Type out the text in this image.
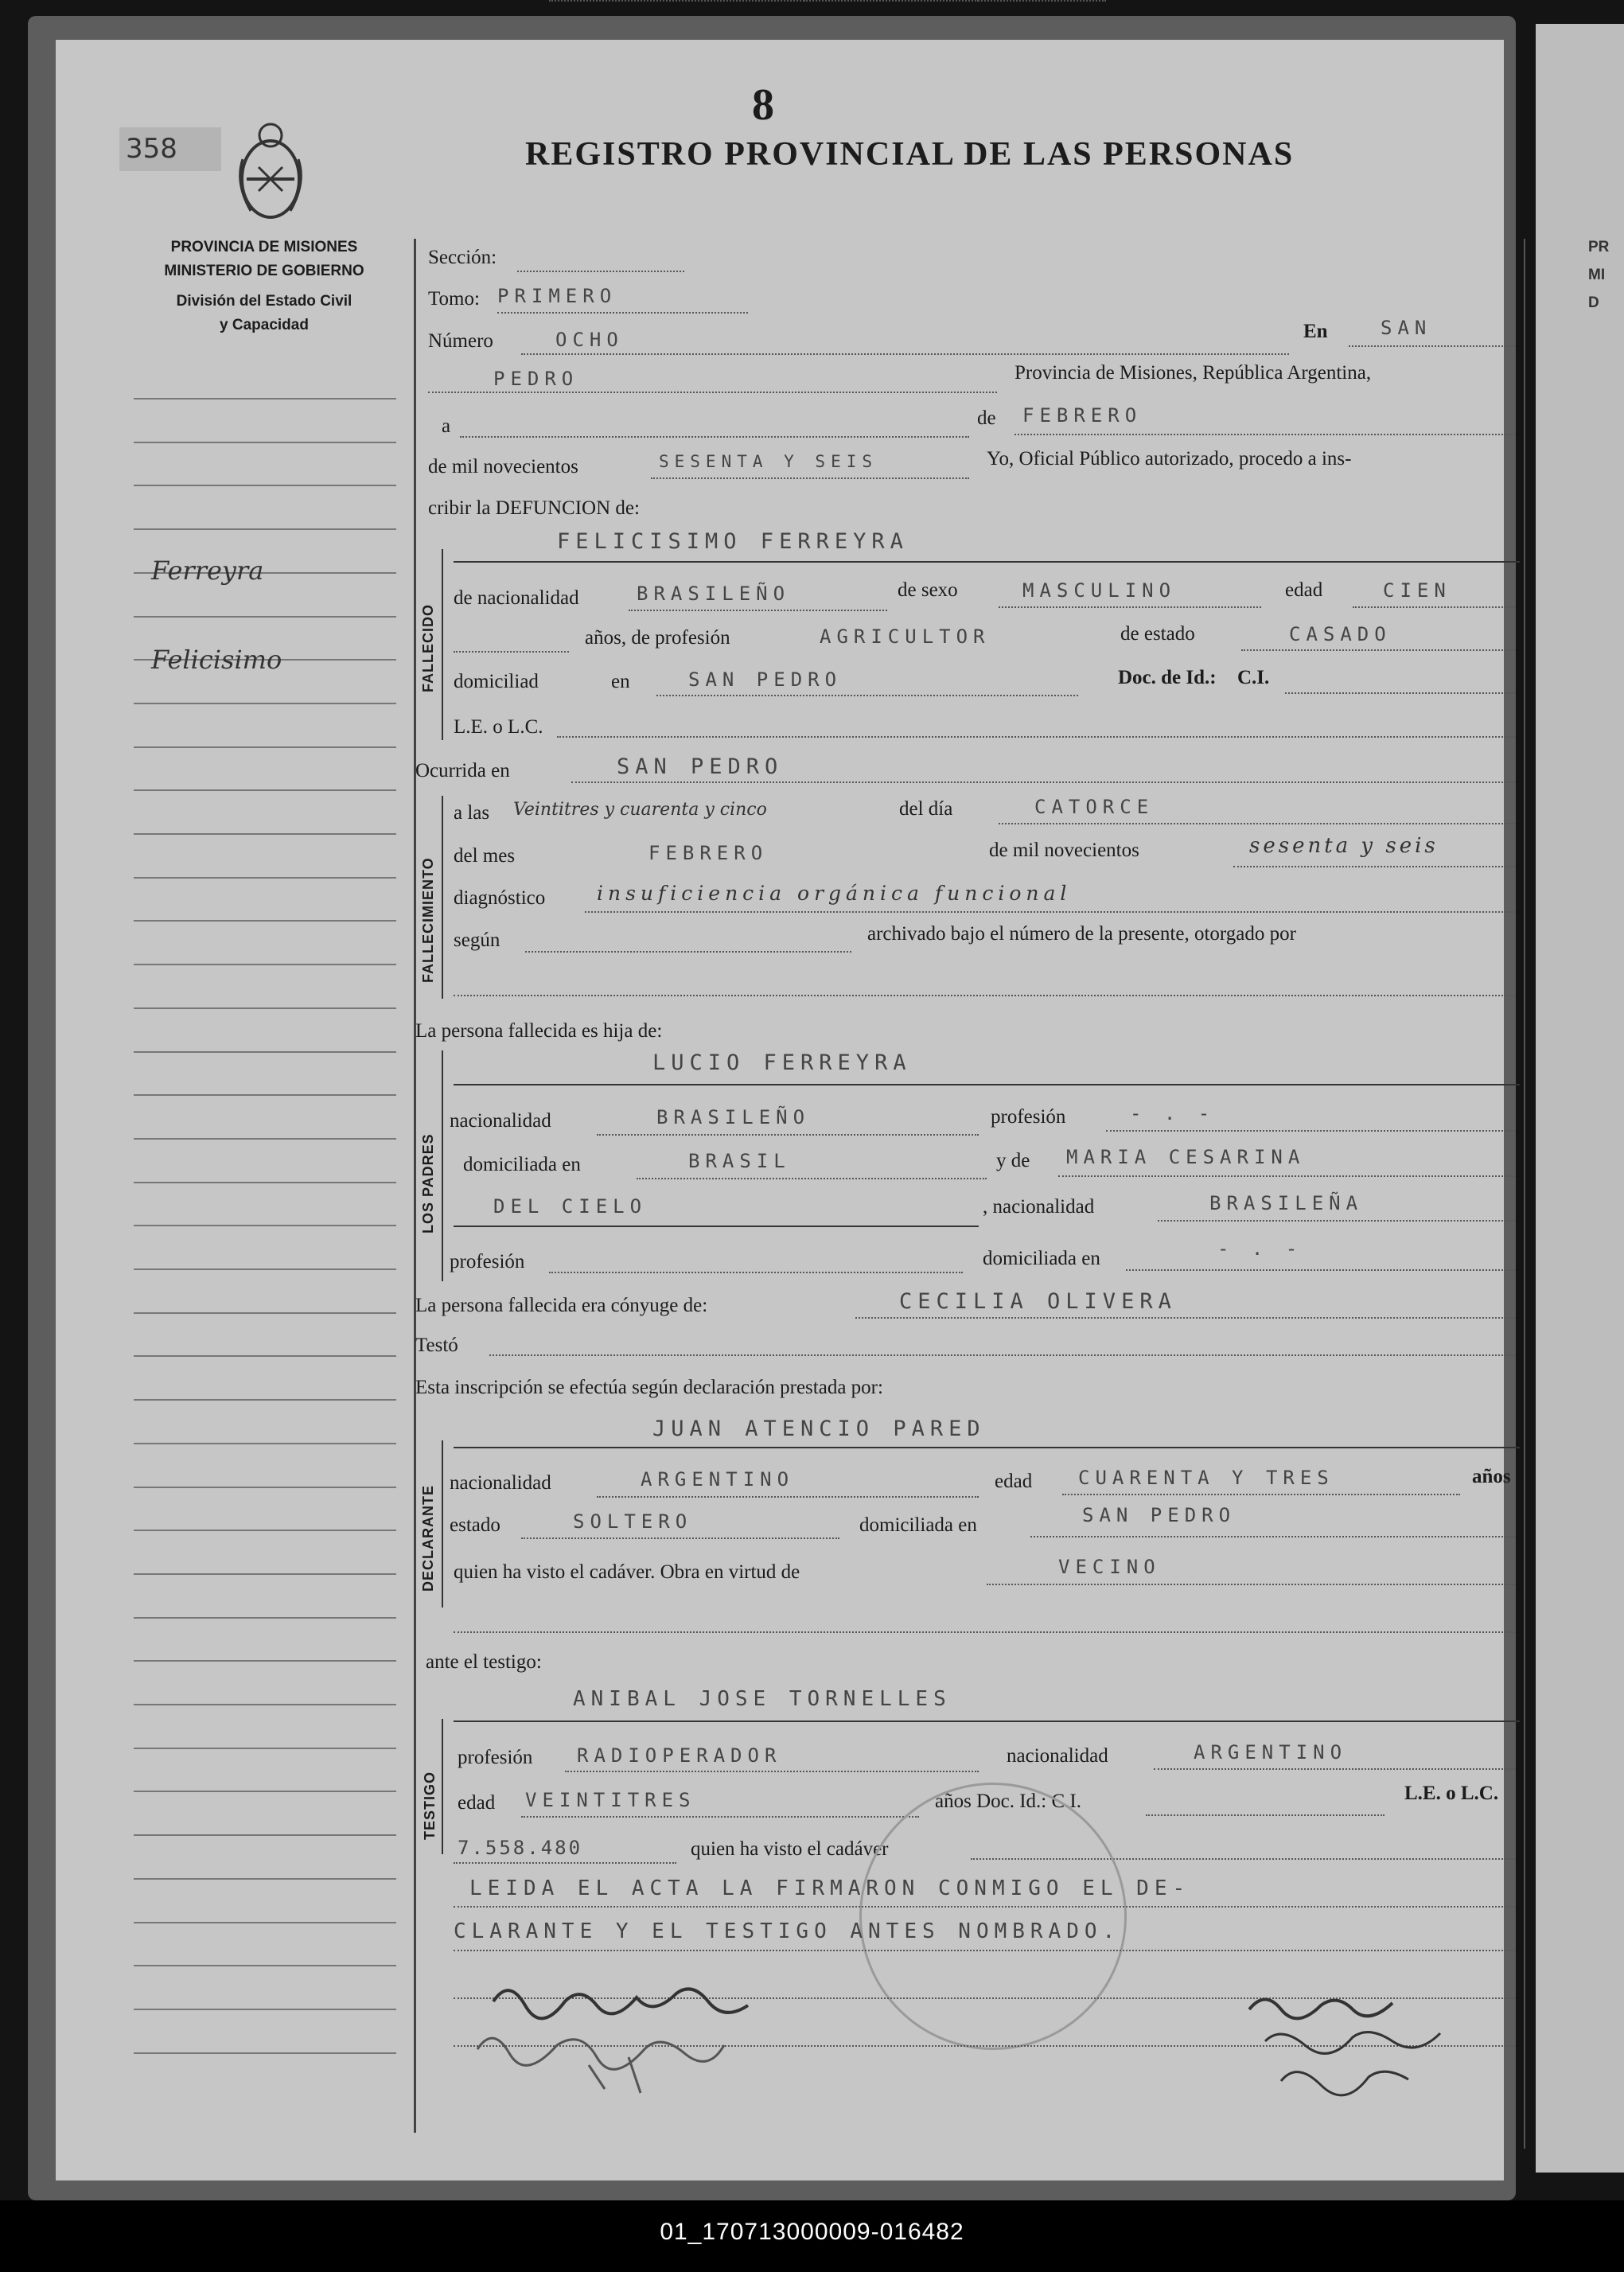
PR
MI
D
358
8
REGISTRO PROVINCIAL DE LAS PERSONAS
PROVINCIA DE MISIONES
MINISTERIO DE GOBIERNO
División del Estado Civil
y Capacidad
Ferreyra
Felicisimo
Sección:
Tomo: PRIMERO
Número	OCHO	En	SAN
PEDRO	Provincia de Misiones, República Argentina,
a	de FEBRERO
de mil novecientos	SESENTA Y SEIS	Yo, Oficial Público autorizado, procedo a ins-
cribir la DEFUNCION de:
FALLECIDO
FELICISIMO FERREYRA
de nacionalidad	BRASILEÑO	de sexo	MASCULINO	edad	CIEN
años, de profesión	AGRICULTOR	de estado	CASADO
domiciliad	en	SAN PEDRO	Doc. de Id.: C.I.
L.E. o L.C.
Ocurrida en	SAN PEDRO
FALLECIMIENTO
a las Veintitres y cuarenta y cinco	del día	CATORCE
del mes	FEBRERO	de mil novecientos	sesenta y seis
diagnóstico	insuficiencia orgánica funcional
según	archivado bajo el número de la presente, otorgado por
La persona fallecida es hija de:
LOS PADRES
LUCIO FERREYRA
nacionalidad	BRASILEÑO	profesión	- . -
domiciliada en	BRASIL	y de MARIA CESARINA
DEL CIELO	, nacionalidad	BRASILEÑA
profesión	domiciliada en	- . -
La persona fallecida era cónyuge de:	CECILIA OLIVERA
Testó
Esta inscripción se efectúa según declaración prestada por:
DECLARANTE
JUAN ATENCIO PARED
nacionalidad	ARGENTINO	edad CUARENTA Y TRES	años
estado	SOLTERO	domiciliada en	SAN PEDRO
quien ha visto el cadáver. Obra en virtud de	VECINO
ante el testigo:
TESTIGO
ANIBAL JOSE TORNELLES
profesión RADIOPERADOR	nacionalidad	ARGENTINO
edad VEINTITRES	años Doc. Id.: C.I.	L.E. o L.C.
7.558.480	quien ha visto el cadáver
LEIDA EL ACTA LA FIRMARON CONMIGO EL DE-
CLARANTE Y EL TESTIGO ANTES NOMBRADO.
01_170713000009-016482
